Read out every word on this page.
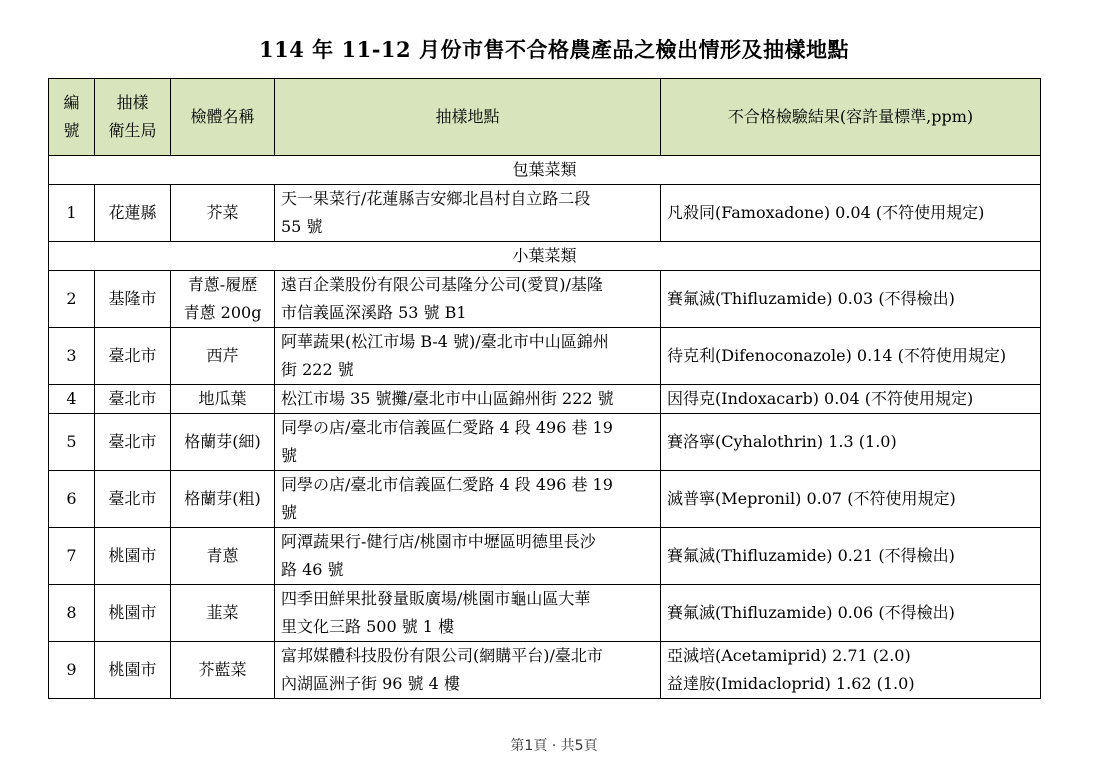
114 年 11-12 月份市售不合格農產品之檢出情形及抽樣地點
編
號	抽樣
衛生局	檢體名稱	抽樣地點	不合格檢驗結果(容許量標準,ppm)
包葉菜類				
1	花蓮縣	芥菜	天一果菜行/花蓮縣吉安鄉北昌村自立路二段
55 號	凡殺同(Famoxadone) 0.04 (不符使用規定)

小葉菜類				
2	基隆市	青蔥-履歷
青蔥 200g	遠百企業股份有限公司基隆分公司(愛買)/基隆
市信義區深溪路 53 號 B1	賽氟滅(Thifluzamide) 0.03 (不得檢出)

3	臺北市	西芹	阿華蔬果(松江市場 B-4 號)/臺北市中山區錦州
街 222 號	待克利(Difenoconazole) 0.14 (不符使用規定)

4	臺北市	地瓜葉	松江市場 35 號攤/臺北市中山區錦州街 222 號	因得克(Indoxacarb) 0.04 (不符使用規定)

5	臺北市	格蘭芽(細)	同學の店/臺北市信義區仁愛路 4 段 496 巷 19
號	賽洛寧(Cyhalothrin) 1.3 (1.0)

6	臺北市	格蘭芽(粗)	同學の店/臺北市信義區仁愛路 4 段 496 巷 19
號	滅普寧(Mepronil) 0.07 (不符使用規定)

7	桃園市	青蔥	阿潭蔬果行-健行店/桃園市中壢區明德里長沙
路 46 號	賽氟滅(Thifluzamide) 0.21 (不得檢出)

8	桃園市	韮菜	四季田鮮果批發量販廣場/桃園市龜山區大華
里文化三路 500 號 1 樓	賽氟滅(Thifluzamide) 0.06 (不得檢出)

9	桃園市	芥藍菜	富邦媒體科技股份有限公司(網購平台)/臺北市
內湖區洲子街 96 號 4 樓	亞滅培(Acetamiprid) 2.71 (2.0)
益達胺(Imidacloprid) 1.62 (1.0)
第1頁 · 共5頁
